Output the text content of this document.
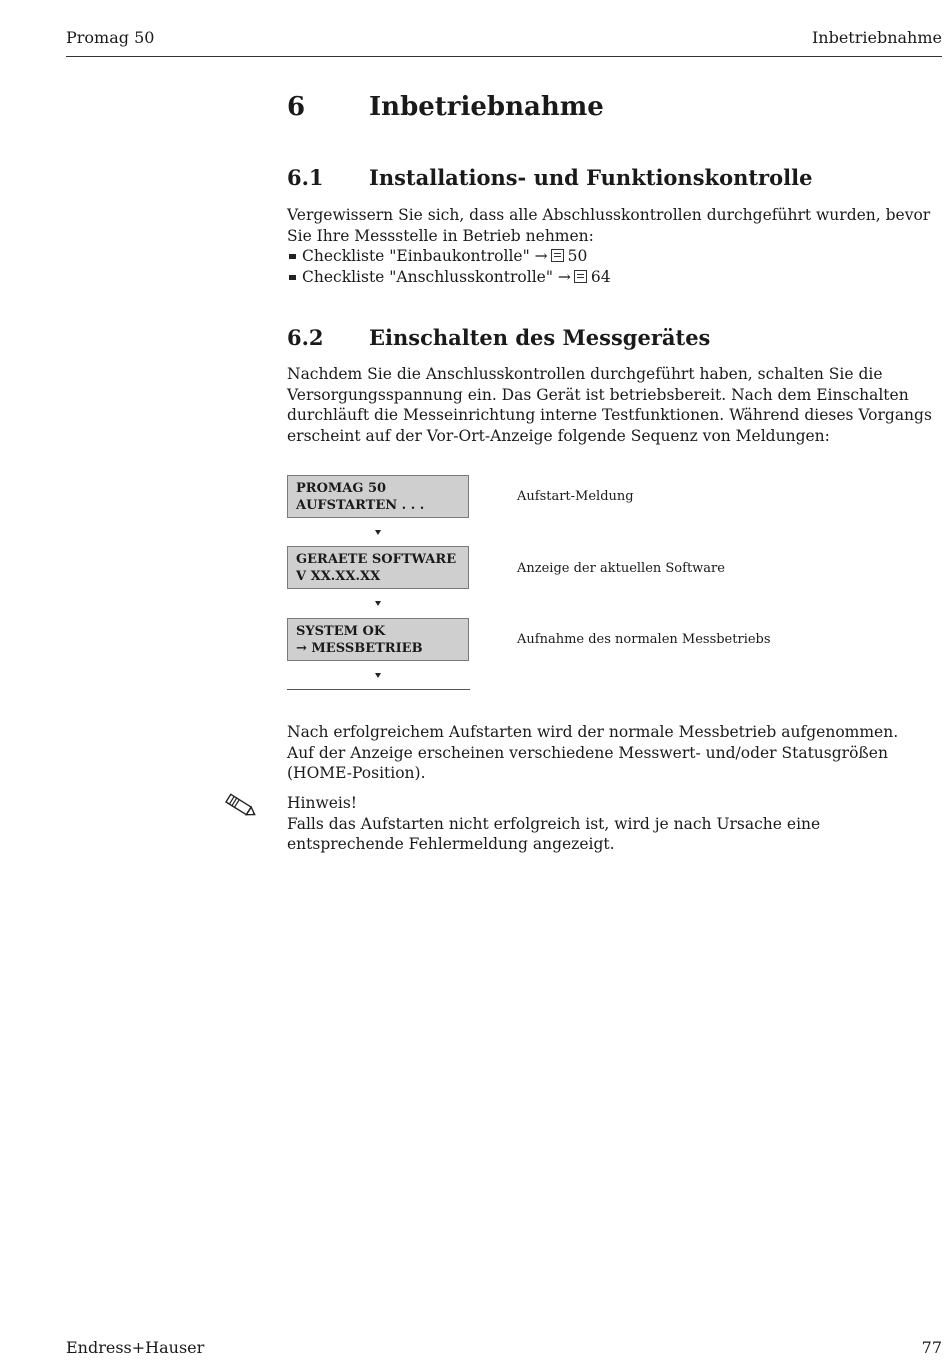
Promag 50	Inbetriebnahme
6 Inbetriebnahme
6.1 Installations- und Funktionskontrolle

Vergewissern Sie sich, dass alle Abschlusskontrollen durchgeführt wurden, bevor Sie Ihre Messstelle in Betrieb nehmen:

Checkliste "Einbaukontrolle" → 50
Checkliste "Anschlusskontrolle" → 64
6.2 Einschalten des Messgerätes
Nachdem Sie die Anschlusskontrollen durchgeführt haben, schalten Sie die Versorgungsspannung ein. Das Gerät ist betriebsbereit. Nach dem Einschalten durchläuft die Messeinrichtung interne Testfunktionen. Während dieses Vorgangs erscheint auf der Vor-Ort-Anzeige folgende Sequenz von Meldungen:
PROMAG 50
AUFSTARTEN . . .
Aufstart-Meldung
GERAETE SOFTWARE
V XX.XX.XX
Anzeige der aktuellen Software
SYSTEM OK
→ MESSBETRIEB
Aufnahme des normalen Messbetriebs

Nach erfolgreichem Aufstarten wird der normale Messbetrieb aufgenommen.

Auf der Anzeige erscheinen verschiedene Messwert- und/oder Statusgrößen (HOME-Position).

Hinweis!

Falls das Aufstarten nicht erfolgreich ist, wird je nach Ursache eine entsprechende Fehlermeldung angezeigt.

Endress+Hauser	77
